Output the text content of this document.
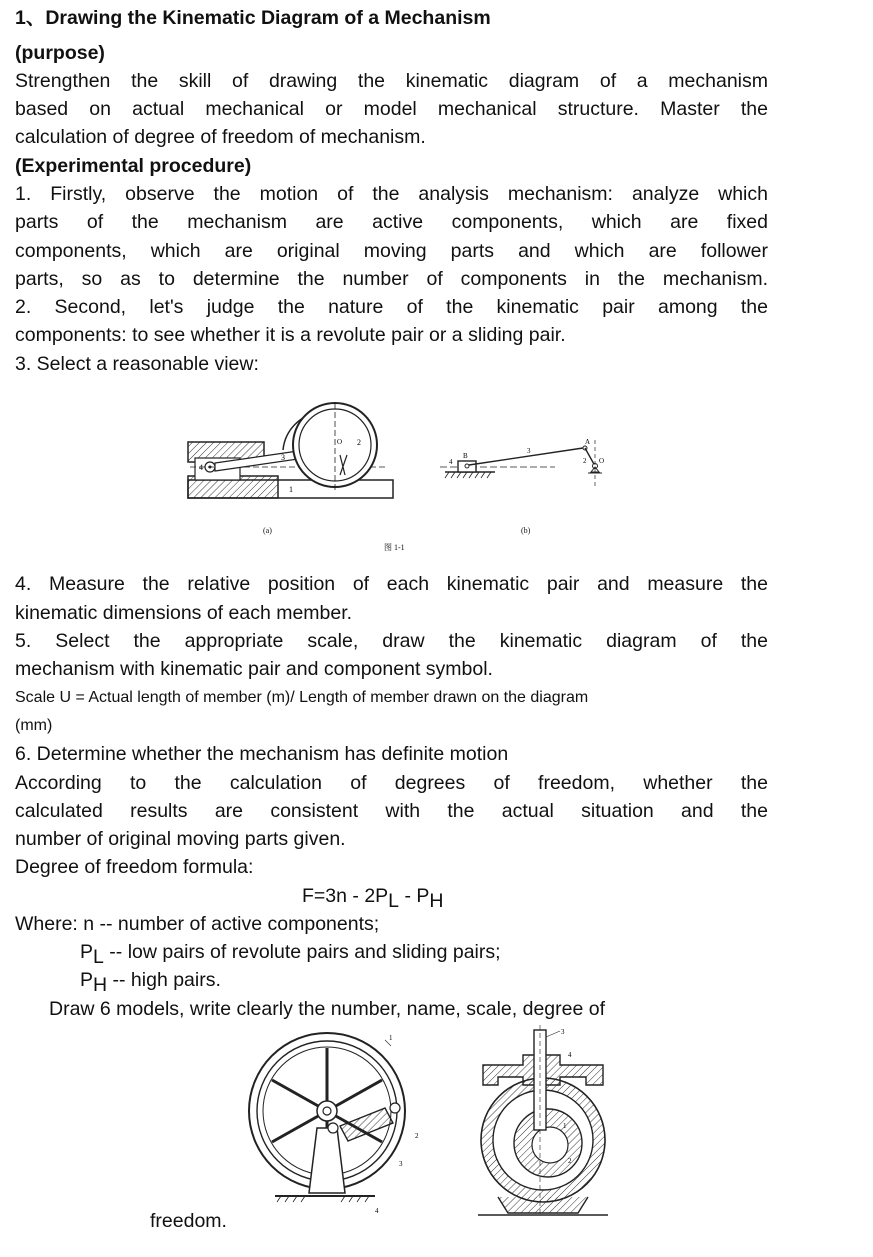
1、Drawing the Kinematic Diagram of a Mechanism
(purpose)
Strengthen the skill of drawing the kinematic diagram of a mechanism
based on actual mechanical or model mechanical structure. Master the
calculation of degree of freedom of mechanism.
(Experimental procedure)
1. Firstly, observe the motion of the analysis mechanism: analyze which
parts of the mechanism are active components, which are fixed
components, which are original moving parts and which are follower
parts, so as to determine the number of components in the mechanism.
2. Second, let's judge the nature of the kinematic pair among the
components: to see whether it is a revolute pair or a sliding pair.
3. Select a reasonable view:
2
3
4
1
O
B
3
A
2 O
4
(a)	(b)
图 1-1
4. Measure the relative position of each kinematic pair and measure the
kinematic dimensions of each member.
5. Select the appropriate scale, draw the kinematic diagram of the
mechanism with kinematic pair and component symbol.
Scale U = Actual length of member (m)/ Length of member drawn on the diagram
(mm)
6. Determine whether the mechanism has definite motion
According to the calculation of degrees of freedom, whether the
calculated results are consistent with the actual situation and the
number of original moving parts given.
Degree of freedom formula:
F=3n - 2PL - PH
Where: n -- number of active components;
PL -- low pairs of revolute pairs and sliding pairs;
PH -- high pairs.
Draw 6 models, write clearly the number, name, scale, degree of
1
2
3
4
3
4
1
2
freedom.
